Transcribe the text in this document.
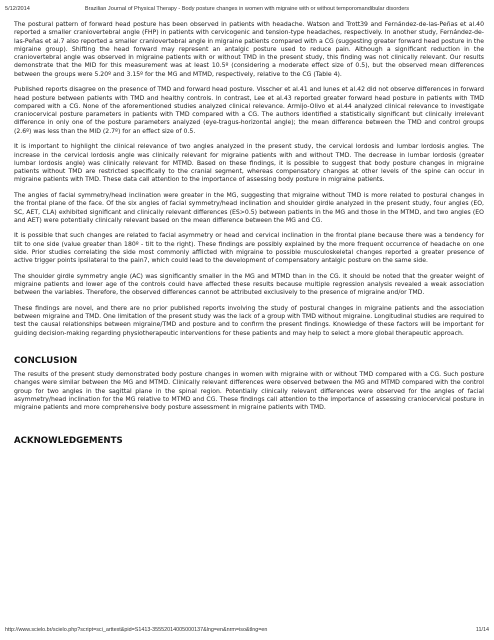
5/12/2014	Brazilian Journal of Physical Therapy - Body posture changes in women with migraine with or without temporomandibular disorders

The postural pattern of forward head posture has been observed in patients with headache. Watson and Trott39 and Fernández-de-las-Peñas et al.40 reported a smaller craniovertebral angle (FHP) in patients with cervicogenic and tension-type headaches, respectively. In another study, Fernández-de-las-Peñas et al.7 also reported a smaller craniovertebral angle in migraine patients compared with a CG (suggesting greater forward head posture in the migraine group). Shifting the head forward may represent an antalgic posture used to reduce pain. Although a significant reduction in the craniovertebral angle was observed in migraine patients with or without TMD in the present study, this finding was not clinically relevant. Our results demonstrate that the MID for this measurement was at least 10.5º (considering a moderate effect size of 0.5), but the observed mean differences between the groups were 5.20º and 3.15º for the MG and MTMD, respectively, relative to the CG (Table 4).

Published reports disagree on the presence of TMD and forward head posture. Visscher et al.41 and Iunes et al.42 did not observe differences in forward head posture between patients with TMD and healthy controls. In contrast, Lee et al.43 reported greater forward head posture in patients with TMD compared with a CG. None of the aforementioned studies analyzed clinical relevance. Armijo-Olivo et al.44 analyzed clinical relevance to investigate craniocervical posture parameters in patients with TMD compared with a CG. The authors identified a statistically significant but clinically irrelevant difference in only one of the posture parameters analyzed (eye-tragus-horizontal angle); the mean difference between the TMD and control groups (2.6º) was less than the MID (2.7º) for an effect size of 0.5.

It is important to highlight the clinical relevance of two angles analyzed in the present study, the cervical lordosis and lumbar lordosis angles. The increase in the cervical lordosis angle was clinically relevant for migraine patients with and without TMD. The decrease in lumbar lordosis (greater lumbar lordosis angle) was clinically relevant for MTMD. Based on these findings, it is possible to suggest that body posture changes in migraine patients without TMD are restricted specifically to the cranial segment, whereas compensatory changes at other levels of the spine can occur in migraine patients with TMD. These data call attention to the importance of assessing body posture in migraine patients.

The angles of facial symmetry/head inclination were greater in the MG, suggesting that migraine without TMD is more related to postural changes in the frontal plane of the face. Of the six angles of facial symmetry/head inclination and shoulder girdle analyzed in the present study, four angles (EO, SC, AET, CLA) exhibited significant and clinically relevant differences (ES>0.5) between patients in the MG and those in the MTMD, and two angles (EO and AET) were potentially clinically relevant based on the mean difference between the MG and CG.

It is possible that such changes are related to facial asymmetry or head and cervical inclination in the frontal plane because there was a tendency for tilt to one side (value greater than 180º - tilt to the right). These findings are possibly explained by the more frequent occurrence of headache on one side. Prior studies correlating the side most commonly afflicted with migraine to possible musculoskeletal changes reported a greater presence of active trigger points ipsilateral to the pain7, which could lead to the development of compensatory antalgic posture on the same side.

The shoulder girdle symmetry angle (AC) was significantly smaller in the MG and MTMD than in the CG. It should be noted that the greater weight of migraine patients and lower age of the controls could have affected these results because multiple regression analysis revealed a weak association between the variables. Therefore, the observed differences cannot be attributed exclusively to the presence of migraine and/or TMD.

These findings are novel, and there are no prior published reports involving the study of postural changes in migraine patients and the association between migraine and TMD. One limitation of the present study was the lack of a group with TMD without migraine. Longitudinal studies are required to test the causal relationships between migraine/TMD and posture and to confirm the present findings. Knowledge of these factors will be important for guiding decision-making regarding physiotherapeutic interventions for these patients and may help to select a more global therapeutic approach.

CONCLUSION

The results of the present study demonstrated body posture changes in women with migraine with or without TMD compared with a CG. Such posture changes were similar between the MG and MTMD. Clinically relevant differences were observed between the MG and MTMD compared with the control group for two angles in the sagittal plane in the spinal region. Potentially clinically relevant differences were observed for the angles of facial asymmetry/head inclination for the MG relative to MTMD and CG. These findings call attention to the importance of assessing craniocervical posture in migraine patients and more comprehensive body posture assessment in migraine patients with TMD.

ACKNOWLEDGEMENTS
http://www.scielo.br/scielo.php?script=sci_arttext&pid=S1413-35552014005000137&lng=en&nrm=iso&tlng=en	11/14
